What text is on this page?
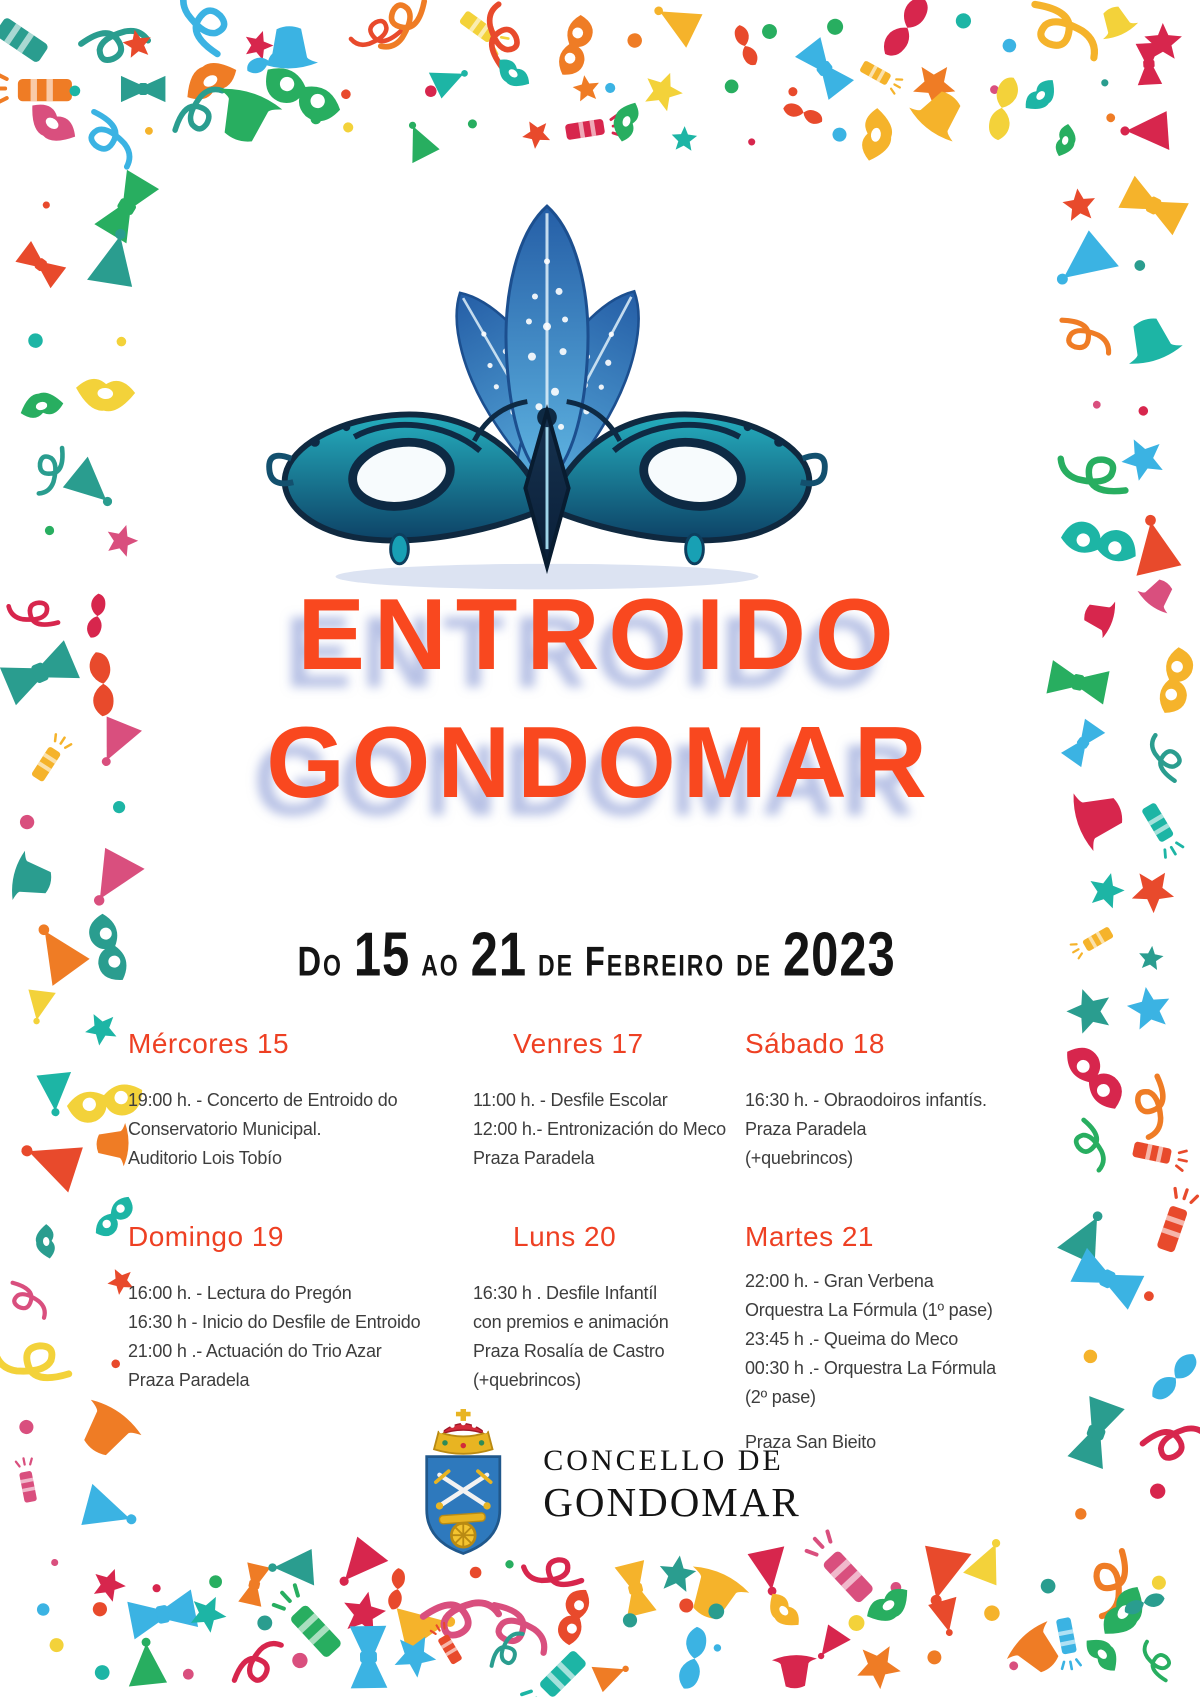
ENTROIDO
GONDOMAR
Do 15 ao 21 de Febreiro de 2023
Mércores 15
19:00 h. - Concerto de Entroido do
Conservatorio Municipal.
Auditorio Lois Tobío
Venres 17
11:00 h. - Desfile Escolar
12:00 h.- Entronización do Meco
Praza Paradela
Sábado 18
16:30 h. - Obraodoiros infantís.
Praza Paradela
(+quebrincos)
Domingo 19
16:00 h. - Lectura do Pregón
16:30 h - Inicio do Desfile de Entroido
21:00 h .- Actuación do Trio Azar
Praza Paradela
Luns 20
16:30 h . Desfile Infantíl
con premios e animación
Praza Rosalía de Castro
(+quebrincos)
Martes 21
22:00 h. - Gran Verbena
Orquestra La Fórmula (1º pase)
23:45 h .- Queima do Meco
00:30 h .- Orquestra La Fórmula
(2º pase)
Praza San Bieito
CONCELLO DE
GONDOMAR
